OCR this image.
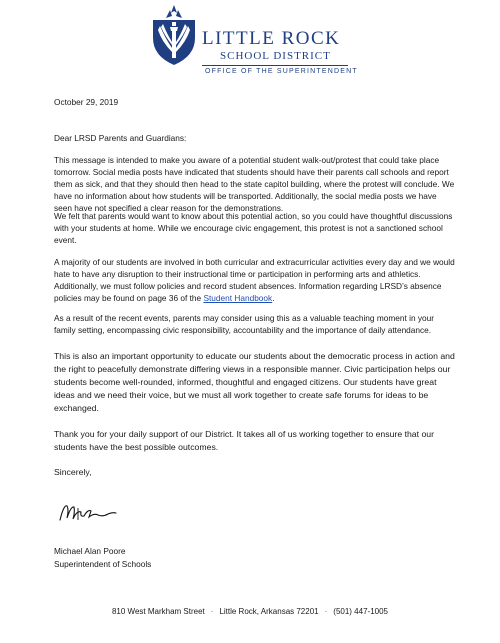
LITTLE ROCK
SCHOOL DISTRICT
OFFICE OF THE SUPERINTENDENT

October 29, 2019

Dear LRSD Parents and Guardians:

This message is intended to make you aware of a potential student walk-out/protest that could take place tomorrow. Social media posts have indicated that students should have their parents call schools and report them as sick, and that they should then head to the state capitol building, where the protest will conclude. We have no information about how students will be transported. Additionally, the social media posts we have seen have not specified a clear reason for the demonstrations.

We felt that parents would want to know about this potential action, so you could have thoughtful discussions with your students at home. While we encourage civic engagement, this protest is not a sanctioned school event.

A majority of our students are involved in both curricular and extracurricular activities every day and we would hate to have any disruption to their instructional time or participation in performing arts and athletics. Additionally, we must follow policies and record student absences. Information regarding LRSD’s absence policies may be found on page 36 of the Student Handbook.

As a result of the recent events, parents may consider using this as a valuable teaching moment in your family setting, encompassing civic responsibility, accountability and the importance of daily attendance.

This is also an important opportunity to educate our students about the democratic process in action and the right to peacefully demonstrate differing views in a responsible manner. Civic participation helps our students become well-rounded, informed, thoughtful and engaged citizens. Our students have great ideas and we need their voice, but we must all work together to create safe forums for ideas to be exchanged.

Thank you for your daily support of our District. It takes all of us working together to ensure that our students have the best possible outcomes.

Sincerely,

Michael Alan Poore

Superintendent of Schools

810 West Markham Street · Little Rock, Arkansas 72201 · (501) 447-1005
